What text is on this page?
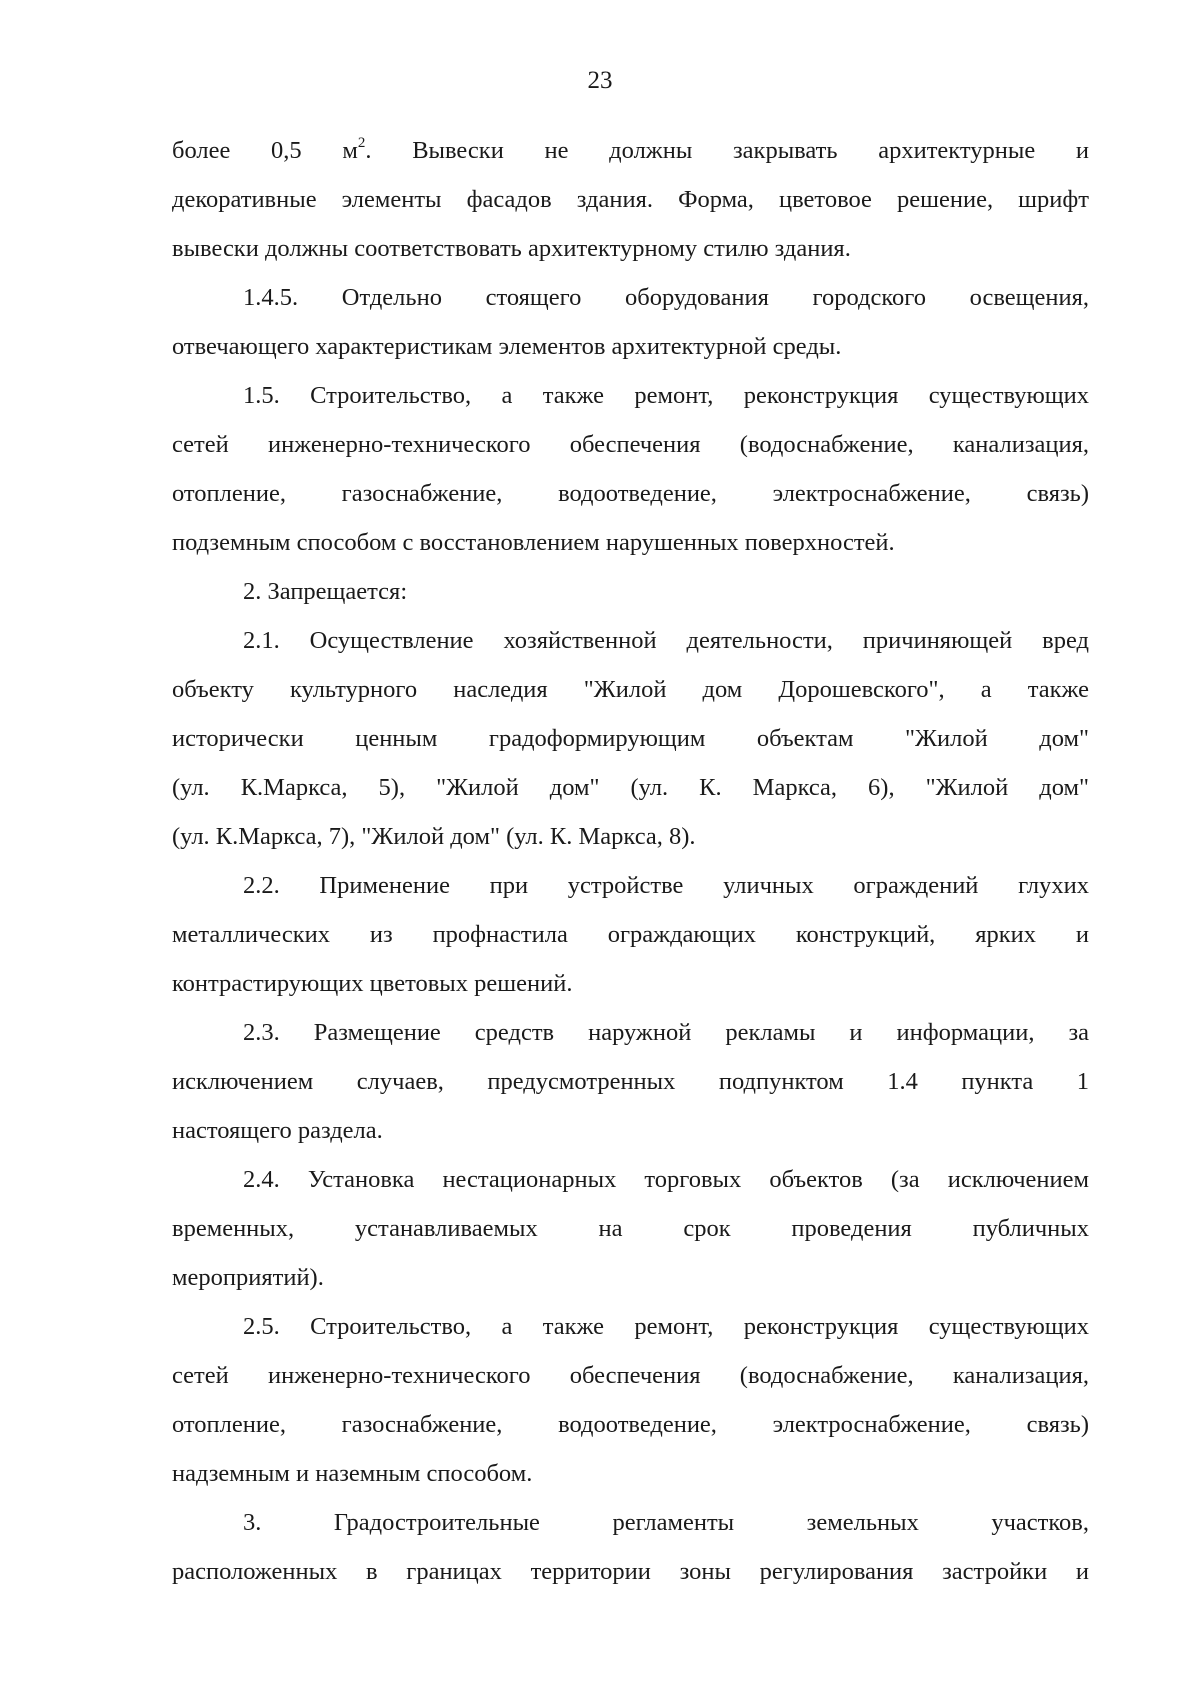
23
более 0,5 $м^2$. Вывески не должны закрывать архитектурные и
декоративные элементы фасадов здания. Форма, цветовое решение, шрифт
вывески должны соответствовать архитектурному стилю здания.
1.4.5. Отдельно стоящего оборудования городского освещения,
отвечающего характеристикам элементов архитектурной среды.
1.5. Строительство, а также ремонт, реконструкция существующих
сетей инженерно-технического обеспечения (водоснабжение, канализация,
отопление, газоснабжение, водоотведение, электроснабжение, связь)
подземным способом с восстановлением нарушенных поверхностей.
2. Запрещается:
2.1. Осуществление хозяйственной деятельности, причиняющей вред
объекту культурного наследия "Жилой дом Дорошевского", а также
исторически ценным градоформирующим объектам "Жилой дом"
(ул. К.Маркса, 5), "Жилой дом" (ул. К. Маркса, 6), "Жилой дом"
(ул. К.Маркса, 7), "Жилой дом" (ул. К. Маркса, 8).
2.2. Применение при устройстве уличных ограждений глухих
металлических из профнастила ограждающих конструкций, ярких и
контрастирующих цветовых решений.
2.3. Размещение средств наружной рекламы и информации, за
исключением случаев, предусмотренных подпунктом 1.4 пункта 1
настоящего раздела.
2.4. Установка нестационарных торговых объектов (за исключением
временных, устанавливаемых на срок проведения публичных
мероприятий).
2.5. Строительство, а также ремонт, реконструкция существующих
сетей инженерно-технического обеспечения (водоснабжение, канализация,
отопление, газоснабжение, водоотведение, электроснабжение, связь)
надземным и наземным способом.
3. Градостроительные регламенты земельных участков,
расположенных в границах территории зоны регулирования застройки и
